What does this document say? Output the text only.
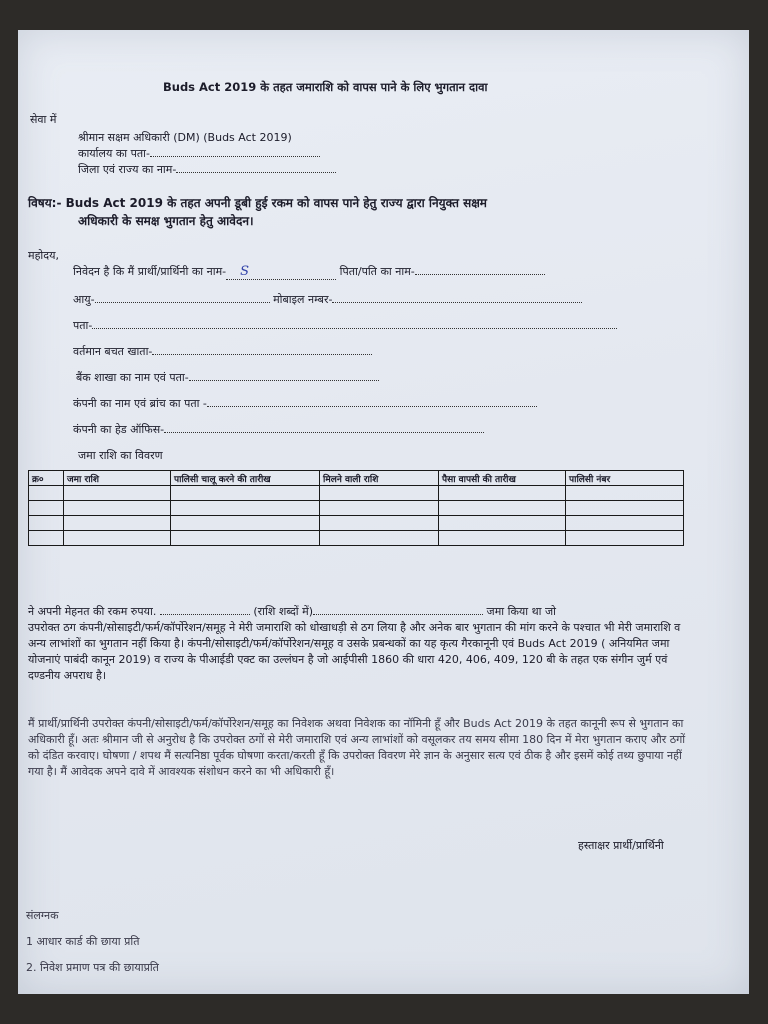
Buds Act 2019 के तहत जमाराशि को वापस पाने के लिए भुगतान दावा
सेवा में
श्रीमान सक्षम अधिकारी (DM) (Buds Act 2019)
कार्यालय का पता-
जिला एवं राज्य का नाम-
विषय:- Buds Act 2019 के तहत अपनी डूबी हुई रकम को वापस पाने हेतु राज्य द्वारा नियुक्त सक्षम
अधिकारी के समक्ष भुगतान हेतु आवेदन।
महोदय,
निवेदन है कि मैं प्रार्थी/प्रार्थिनी का नाम- S	पिता/पति का नाम-
आयु-	मोबाइल नम्बर-
पता-
वर्तमान बचत खाता-
बैंक शाखा का नाम एवं पता-
कंपनी का नाम एवं ब्रांच का पता -
कंपनी का हेड ऑफिस-
जमा राशि का विवरण
क्र०	जमा राशि	पालिसी चालू करने की तारीख	मिलने वाली राशि	पैसा वापसी की तारीख	पालिसी नंबर

ने अपनी मेहनत की रकम रुपया.	(राशि शब्दों में)	जमा किया था जो
उपरोक्त ठग कंपनी/सोसाइटी/फर्म/कॉर्पोरेशन/समूह ने मेरी जमाराशि को धोखाधड़ी से ठग लिया है और अनेक बार भुगतान की मांग करने के पश्चात भी मेरी जमाराशि व अन्य लाभांशों का भुगतान नहीं किया है। कंपनी/सोसाइटी/फर्म/कॉर्पोरेशन/समूह व उसके प्रबन्धकों का यह कृत्य गैरकानूनी एवं Buds Act 2019 ( अनियमित जमा योजनाएं पाबंदी कानून 2019) व राज्य के पीआईडी एक्ट का उल्लंघन है जो आईपीसी 1860 की धारा 420, 406, 409, 120 बी के तहत एक संगीन जुर्म एवं दण्डनीय अपराध है।
मैं प्रार्थी/प्रार्थिनी उपरोक्त कंपनी/सोसाइटी/फर्म/कॉर्पोरेशन/समूह का निवेशक अथवा निवेशक का नॉमिनी हूँ और Buds Act 2019 के तहत कानूनी रूप से भुगतान का अधिकारी हूँ। अतः श्रीमान जी से अनुरोध है कि उपरोक्त ठगों से मेरी जमाराशि एवं अन्य लाभांशों को वसूलकर तय समय सीमा 180 दिन में मेरा भुगतान कराए और ठगों को दंडित करवाए। घोषणा / शपथ मैं सत्यनिष्ठा पूर्वक घोषणा करता/करती हूँ कि उपरोक्त विवरण मेरे ज्ञान के अनुसार सत्य एवं ठीक है और इसमें कोई तथ्य छुपाया नहीं गया है। मैं आवेदक अपने दावे में आवश्यक संशोधन करने का भी अधिकारी हूँ।
हस्ताक्षर प्रार्थी/प्रार्थिनी
संलग्नक
1 आधार कार्ड की छाया प्रति
2. निवेश प्रमाण पत्र की छायाप्रति
